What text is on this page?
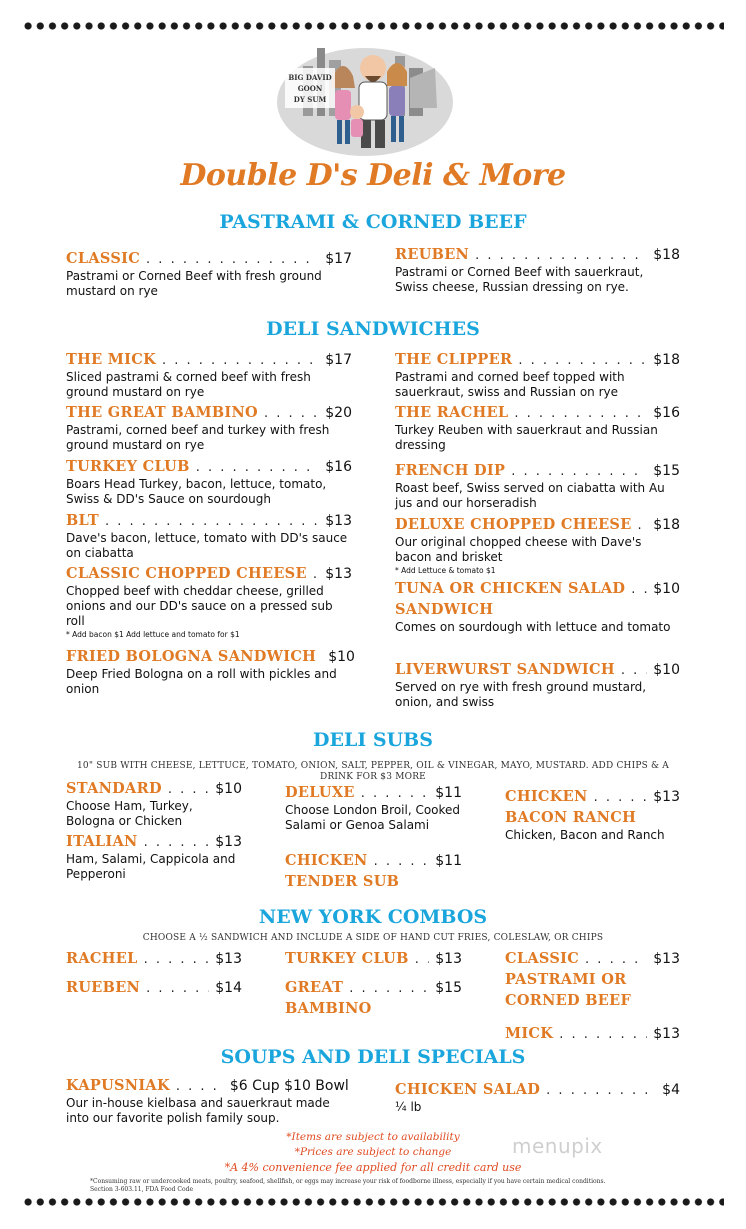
BIG DAVID
GOON
DY SUM
Double D's Deli & More
PASTRAMI & CORNED BEEF
CLASSIC . . .	$17
Pastrami or Corned Beef with fresh ground mustard on rye
REUBEN . . .	$18
Pastrami or Corned Beef with sauerkraut, Swiss cheese, Russian dressing on rye.
DELI SANDWICHES
THE MICK . . .	$17
Sliced pastrami & corned beef with fresh ground mustard on rye
THE GREAT BAMBINO . . .	$20
Pastrami, corned beef and turkey with fresh ground mustard on rye
TURKEY CLUB . . .	$16
Boars Head Turkey, bacon, lettuce, tomato, Swiss & DD's Sauce on sourdough
BLT . . .	$13
Dave's bacon, lettuce, tomato with DD's sauce on ciabatta
CLASSIC CHOPPED CHEESE . . . $13
Chopped beef with cheddar cheese, grilled onions and our DD's sauce on a pressed sub roll
* Add bacon $1 Add lettuce and tomato for $1
FRIED BOLOGNA SANDWICH $10
Deep Fried Bologna on a roll with pickles and onion
THE CLIPPER . . .	$18
Pastrami and corned beef topped with sauerkraut, swiss and Russian on rye
THE RACHEL . . .	$16
Turkey Reuben with sauerkraut and Russian dressing
FRENCH DIP . . .	$15
Roast beef, Swiss served on ciabatta with Au jus and our horseradish
DELUXE CHOPPED CHEESE . . . $18
Our original chopped cheese with Dave's bacon and brisket
* Add Lettuce & tomato $1
TUNA OR CHICKEN SALAD . . . $10
SANDWICH
Comes on sourdough with lettuce and tomato
LIVERWURST SANDWICH . . .	$10
Served on rye with fresh ground mustard, onion, and swiss
DELI SUBS
10" SUB WITH CHEESE, LETTUCE, TOMATO, ONION, SALT, PEPPER, OIL & VINEGAR, MAYO, MUSTARD. ADD CHIPS & A DRINK FOR $3 MORE
STANDARD . . .	$10
Choose Ham, Turkey, Bologna or Chicken
ITALIAN . . .	$13
Ham, Salami, Cappicola and Pepperoni
DELUXE . . .	$11
Choose London Broil, Cooked Salami or Genoa Salami
CHICKEN . . .	$11
TENDER SUB
CHICKEN . . .	$13
BACON RANCH
Chicken, Bacon and Ranch
NEW YORK COMBOS
CHOOSE A ½ SANDWICH AND INCLUDE A SIDE OF HAND CUT FRIES, COLESLAW, OR CHIPS
RACHEL . . .	$13
RUEBEN . . .	$14
TURKEY CLUB . . . $13
GREAT . . .	$15
BAMBINO
CLASSIC . . .	$13
PASTRAMI OR
CORNED BEEF
MICK . . .	$13
SOUPS AND DELI SPECIALS
KAPUSNIAK . . .	$6 Cup $10 Bowl
Our in-house kielbasa and sauerkraut made into our favorite polish family soup.
CHICKEN SALAD . . .	$4
¼ lb
*Items are subject to availability
*Prices are subject to change
*A 4% convenience fee applied for all credit card use
menupix
*Consuming raw or undercooked meats, poultry, seafood, shellfish, or eggs may increase your risk of foodborne illness, especially if you have certain medical conditions. Section 3-603.11, FDA Food Code
